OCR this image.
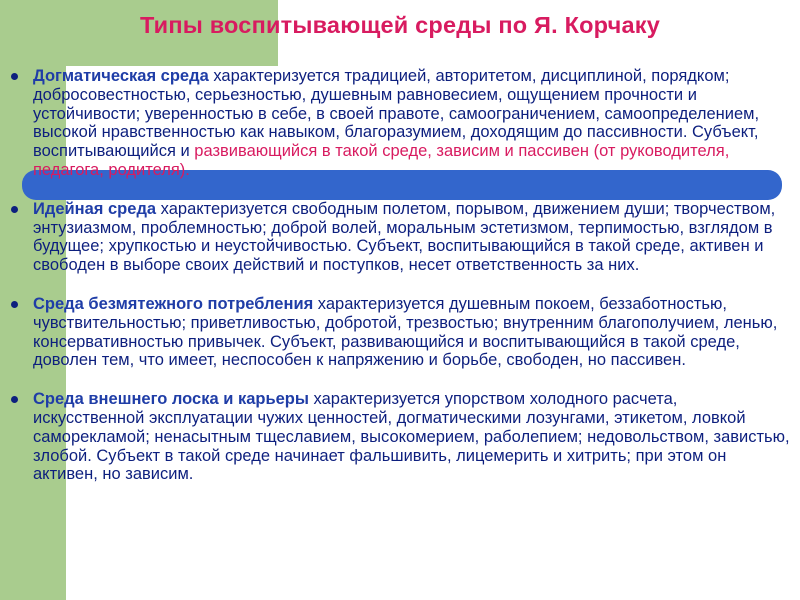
Типы воспитывающей среды по Я. Корчаку
Догматическая среда характеризуется традицией, авторитетом, дисциплиной, порядком; добросовестностью, серьезностью, душевным равновесием, ощущением прочности и устойчивости; уверенностью в себе, в своей правоте, самоограничением, самоопределением, высокой нравственностью как навыком, благоразумием, доходящим до пассивности. Субъект, воспитывающийся и развивающийся в такой среде, зависим и пассивен (от руководителя, педагога, родителя).
Идейная среда характеризуется свободным полетом, порывом, движением души; творчеством, энтузиазмом, проблемностью; доброй волей, моральным эстетизмом, терпимостью, взглядом в будущее; хрупкостью и неустойчивостью. Субъект, воспитывающийся в такой среде, активен и свободен в выборе своих действий и поступков, несет ответственность за них.
Среда безмятежного потребления характеризуется душевным покоем, беззаботностью, чувствительностью; приветливостью, добротой, трезвостью; внутренним благополучием, ленью, консервативностью привычек. Субъект, развивающийся и воспитывающийся в такой среде, доволен тем, что имеет, неспособен к напряжению и борьбе, свободен, но пассивен.
Среда внешнего лоска и карьеры характеризуется упорством холодного расчета, искусственной эксплуатации чужих ценностей, догматическими лозунгами, этикетом, ловкой саморекламой; ненасытным тщеславием, высокомерием, раболепием; недовольством, завистью, злобой. Субъект в такой среде начинает фальшивить, лицемерить и хитрить; при этом он активен, но зависим.
